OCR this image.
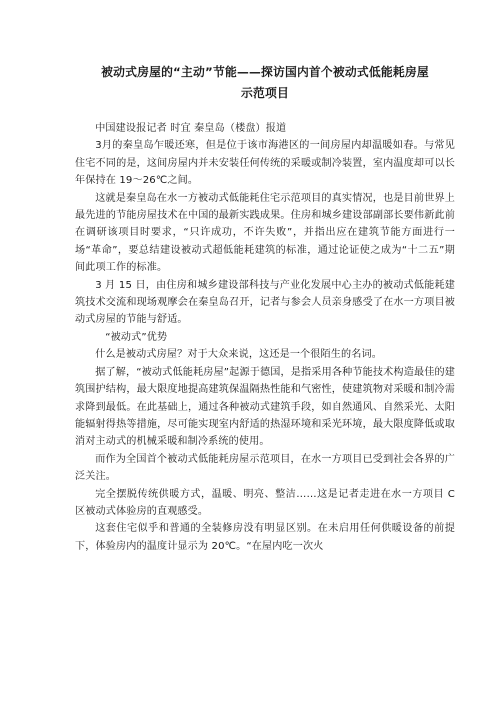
被动式房屋的“主动”节能——探访国内首个被动式低能耗房屋
示范项目

中国建设报记者 时宜 秦皇岛（楼盘）报道

3月的秦皇岛乍暖还寒，但是位于该市海港区的一间房屋内却温暖如春。与常见住宅不同的是，这间房屋内并未安装任何传统的采暖或制冷装置，室内温度却可以长年保持在 19～26℃之间。

这就是秦皇岛在水一方被动式低能耗住宅示范项目的真实情况，也是目前世界上最先进的节能房屋技术在中国的最新实践成果。住房和城乡建设部副部长要伟新此前在调研该项目时要求，“只许成功，不许失败”，并指出应在建筑节能方面进行一场“革命”，要总结建设被动式超低能耗建筑的标准，通过论证使之成为“十二五”期间此项工作的标准。

3 月 15 日，由住房和城乡建设部科技与产业化发展中心主办的被动式低能耗建筑技术交流和现场观摩会在秦皇岛召开，记者与参会人员亲身感受了在水一方项目被动式房屋的节能与舒适。

“被动式”优势

什么是被动式房屋？对于大众来说，这还是一个很陌生的名词。

据了解，“被动式低能耗房屋”起源于德国，是指采用各种节能技术构造最佳的建筑围护结构，最大限度地提高建筑保温隔热性能和气密性，使建筑物对采暖和制冷需求降到最低。在此基础上，通过各种被动式建筑手段，如自然通风、自然采光、太阳能辐射得热等措施，尽可能实现室内舒适的热湿环境和采光环境，最大限度降低或取消对主动式的机械采暖和制冷系统的使用。

而作为全国首个被动式低能耗房屋示范项目，在水一方项目已受到社会各界的广泛关注。

完全摆脱传统供暖方式，温暖、明亮、整洁……这是记者走进在水一方项目 C 区被动式体验房的直观感受。

这套住宅似乎和普通的全装修房没有明显区别。在未启用任何供暖设备的前提下，体验房内的温度计显示为 20℃。“在屋内吃一次火
